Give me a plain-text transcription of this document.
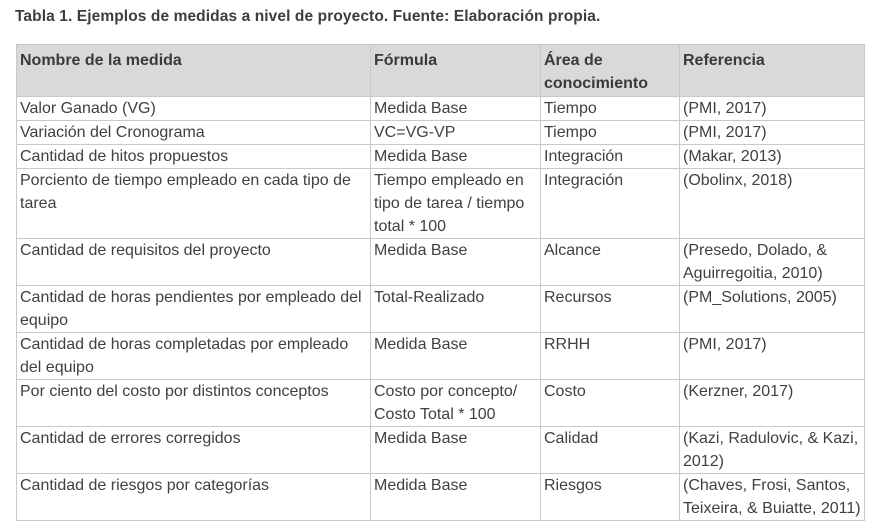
Tabla 1. Ejemplos de medidas a nivel de proyecto. Fuente: Elaboración propia.
Nombre de la medida	Fórmula	Área de conocimiento	Referencia
Valor Ganado (VG)	Medida Base	Tiempo	(PMI, 2017)
Variación del Cronograma	VC=VG-VP	Tiempo	(PMI, 2017)
Cantidad de hitos propuestos	Medida Base	Integración	(Makar, 2013)
Porciento de tiempo empleado en cada tipo de tarea	Tiempo empleado en tipo de tarea / tiempo total * 100	Integración	(Obolinx, 2018)
Cantidad de requisitos del proyecto	Medida Base	Alcance	(Presedo, Dolado, & Aguirregoitia, 2010)
Cantidad de horas pendientes por empleado del equipo	Total-Realizado	Recursos	(PM_Solutions, 2005)
Cantidad de horas completadas por empleado del equipo	Medida Base	RRHH	(PMI, 2017)
Por ciento del costo por distintos conceptos	Costo por concepto/ Costo Total * 100	Costo	(Kerzner, 2017)
Cantidad de errores corregidos	Medida Base	Calidad	(Kazi, Radulovic, & Kazi, 2012)
Cantidad de riesgos por categorías	Medida Base	Riesgos	(Chaves, Frosi, Santos, Teixeira, & Buiatte, 2011)
